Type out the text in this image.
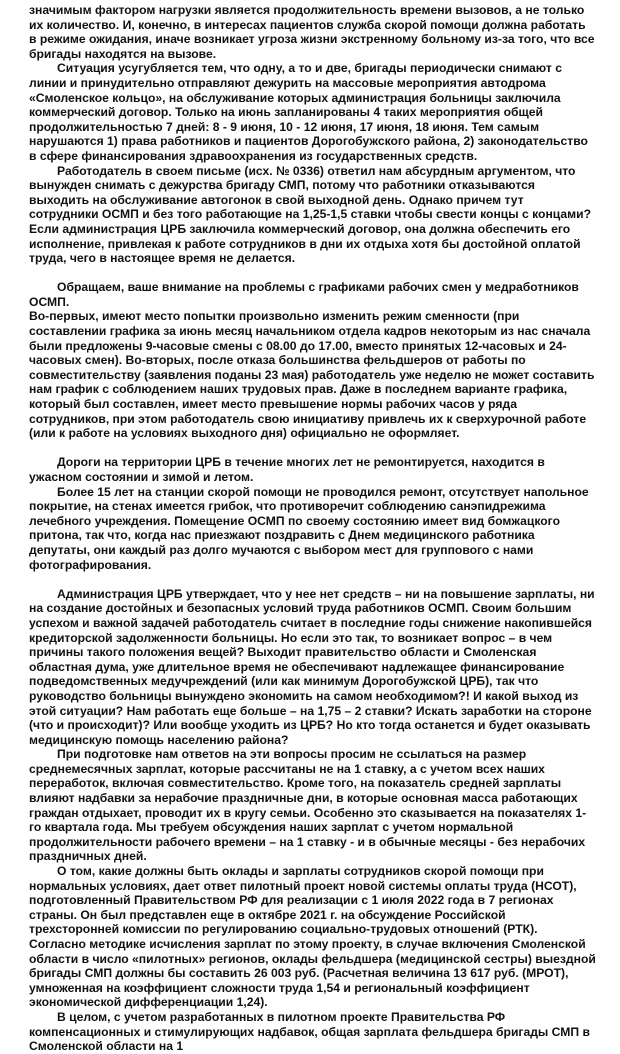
значимым фактором нагрузки является продолжительность времени вызовов, а не только их количество. И, конечно, в интересах пациентов служба скорой помощи должна работать в режиме ожидания, иначе возникает угроза жизни экстренному больному из-за того, что все бригады находятся на вызове.

Ситуация усугубляется тем, что одну, а то и две, бригады периодически снимают с линии и принудительно отправляют дежурить на массовые мероприятия автодрома «Смоленское кольцо», на обслуживание которых администрация больницы заключила коммерческий договор. Только на июнь запланированы 4 таких мероприятия общей продолжительностью 7 дней: 8 - 9 июня, 10 - 12 июня, 17 июня, 18 июня. Тем самым нарушаются 1) права работников и пациентов Дорогобужского района, 2) законодательство в сфере финансирования здравоохранения из государственных средств.

Работодатель в своем письме (исх. № 0336) ответил нам абсурдным аргументом, что вынужден снимать с дежурства бригаду СМП, потому что работники отказываются выходить на обслуживание автогонок в свой выходной день. Однако причем тут сотрудники ОСМП и без того работающие на 1,25-1,5 ставки чтобы свести концы с концами? Если администрация ЦРБ заключила коммерческий договор, она должна обеспечить его исполнение, привлекая к работе сотрудников в дни их отдыха хотя бы достойной оплатой труда, чего в настоящее время не делается.

Обращаем, ваше внимание на проблемы с графиками рабочих смен у медработников ОСМП.

Во-первых, имеют место попытки произвольно изменить режим сменности (при составлении графика за июнь месяц начальником отдела кадров некоторым из нас сначала были предложены 9-часовые смены с 08.00 до 17.00, вместо принятых 12-часовых и 24-часовых смен). Во-вторых, после отказа большинства фельдшеров от работы по совместительству (заявления поданы 23 мая) работодатель уже неделю не может составить нам график с соблюдением наших трудовых прав. Даже в последнем варианте графика, который был составлен, имеет место превышение нормы рабочих часов у ряда сотрудников, при этом работодатель свою инициативу привлечь их к сверхурочной работе (или к работе на условиях выходного дня) официально не оформляет.

Дороги на территории ЦРБ в течение многих лет не ремонтируется, находится в ужасном состоянии и зимой и летом.

Более 15 лет на станции скорой помощи не проводился ремонт, отсутствует напольное покрытие, на стенах имеется грибок, что противоречит соблюдению санэпидрежима лечебного учреждения. Помещение ОСМП по своему состоянию имеет вид бомжацкого притона, так что, когда нас приезжают поздравить с Днем медицинского работника депутаты, они каждый раз долго мучаются с выбором мест для группового с нами фотографирования.

Администрация ЦРБ утверждает, что у нее нет средств – ни на повышение зарплаты, ни на создание достойных и безопасных условий труда работников ОСМП. Своим большим успехом и важной задачей работодатель считает в последние годы снижение накопившейся кредиторской задолженности больницы. Но если это так, то возникает вопрос – в чем причины такого положения вещей? Выходит правительство области и Смоленская областная дума, уже длительное время не обеспечивают надлежащее финансирование подведомственных медучреждений (или как минимум Дорогобужской ЦРБ), так что руководство больницы вынуждено экономить на самом необходимом?! И какой выход из этой ситуации? Нам работать еще больше – на 1,75 – 2 ставки? Искать заработки на стороне (что и происходит)? Или вообще уходить из ЦРБ? Но кто тогда останется и будет оказывать медицинскую помощь населению района?

При подготовке нам ответов на эти вопросы просим не ссылаться на размер среднемесячных зарплат, которые рассчитаны не на 1 ставку, а с учетом всех наших переработок, включая совместительство. Кроме того, на показатель средней зарплаты влияют надбавки за нерабочие праздничные дни, в которые основная масса работающих граждан отдыхает, проводит их в кругу семьи. Особенно это сказывается на показателях 1-го квартала года. Мы требуем обсуждения наших зарплат с учетом нормальной продолжительности рабочего времени – на 1 ставку - и в обычные месяцы - без нерабочих праздничных дней.

О том, какие должны быть оклады и зарплаты сотрудников скорой помощи при нормальных условиях, дает ответ пилотный проект новой системы оплаты труда (НСОТ), подготовленный Правительством РФ для реализации с 1 июля 2022 года в 7 регионах страны. Он был представлен еще в октябре 2021 г. на обсуждение Российской трехсторонней комиссии по регулированию социально-трудовых отношений (РТК). Согласно методике исчисления зарплат по этому проекту, в случае включения Смоленской области в число «пилотных» регионов, оклады фельдшера (медицинской сестры) выездной бригады СМП должны бы составить 26 003 руб. (Расчетная величина 13 617 руб. (МРОТ), умноженная на коэффициент сложности труда 1,54 и региональный коэффициент экономической дифференциации 1,24).

В целом, с учетом разработанных в пилотном проекте Правительства РФ компенсационных и стимулирующих надбавок, общая зарплата фельдшера бригады СМП в Смоленской области на 1
